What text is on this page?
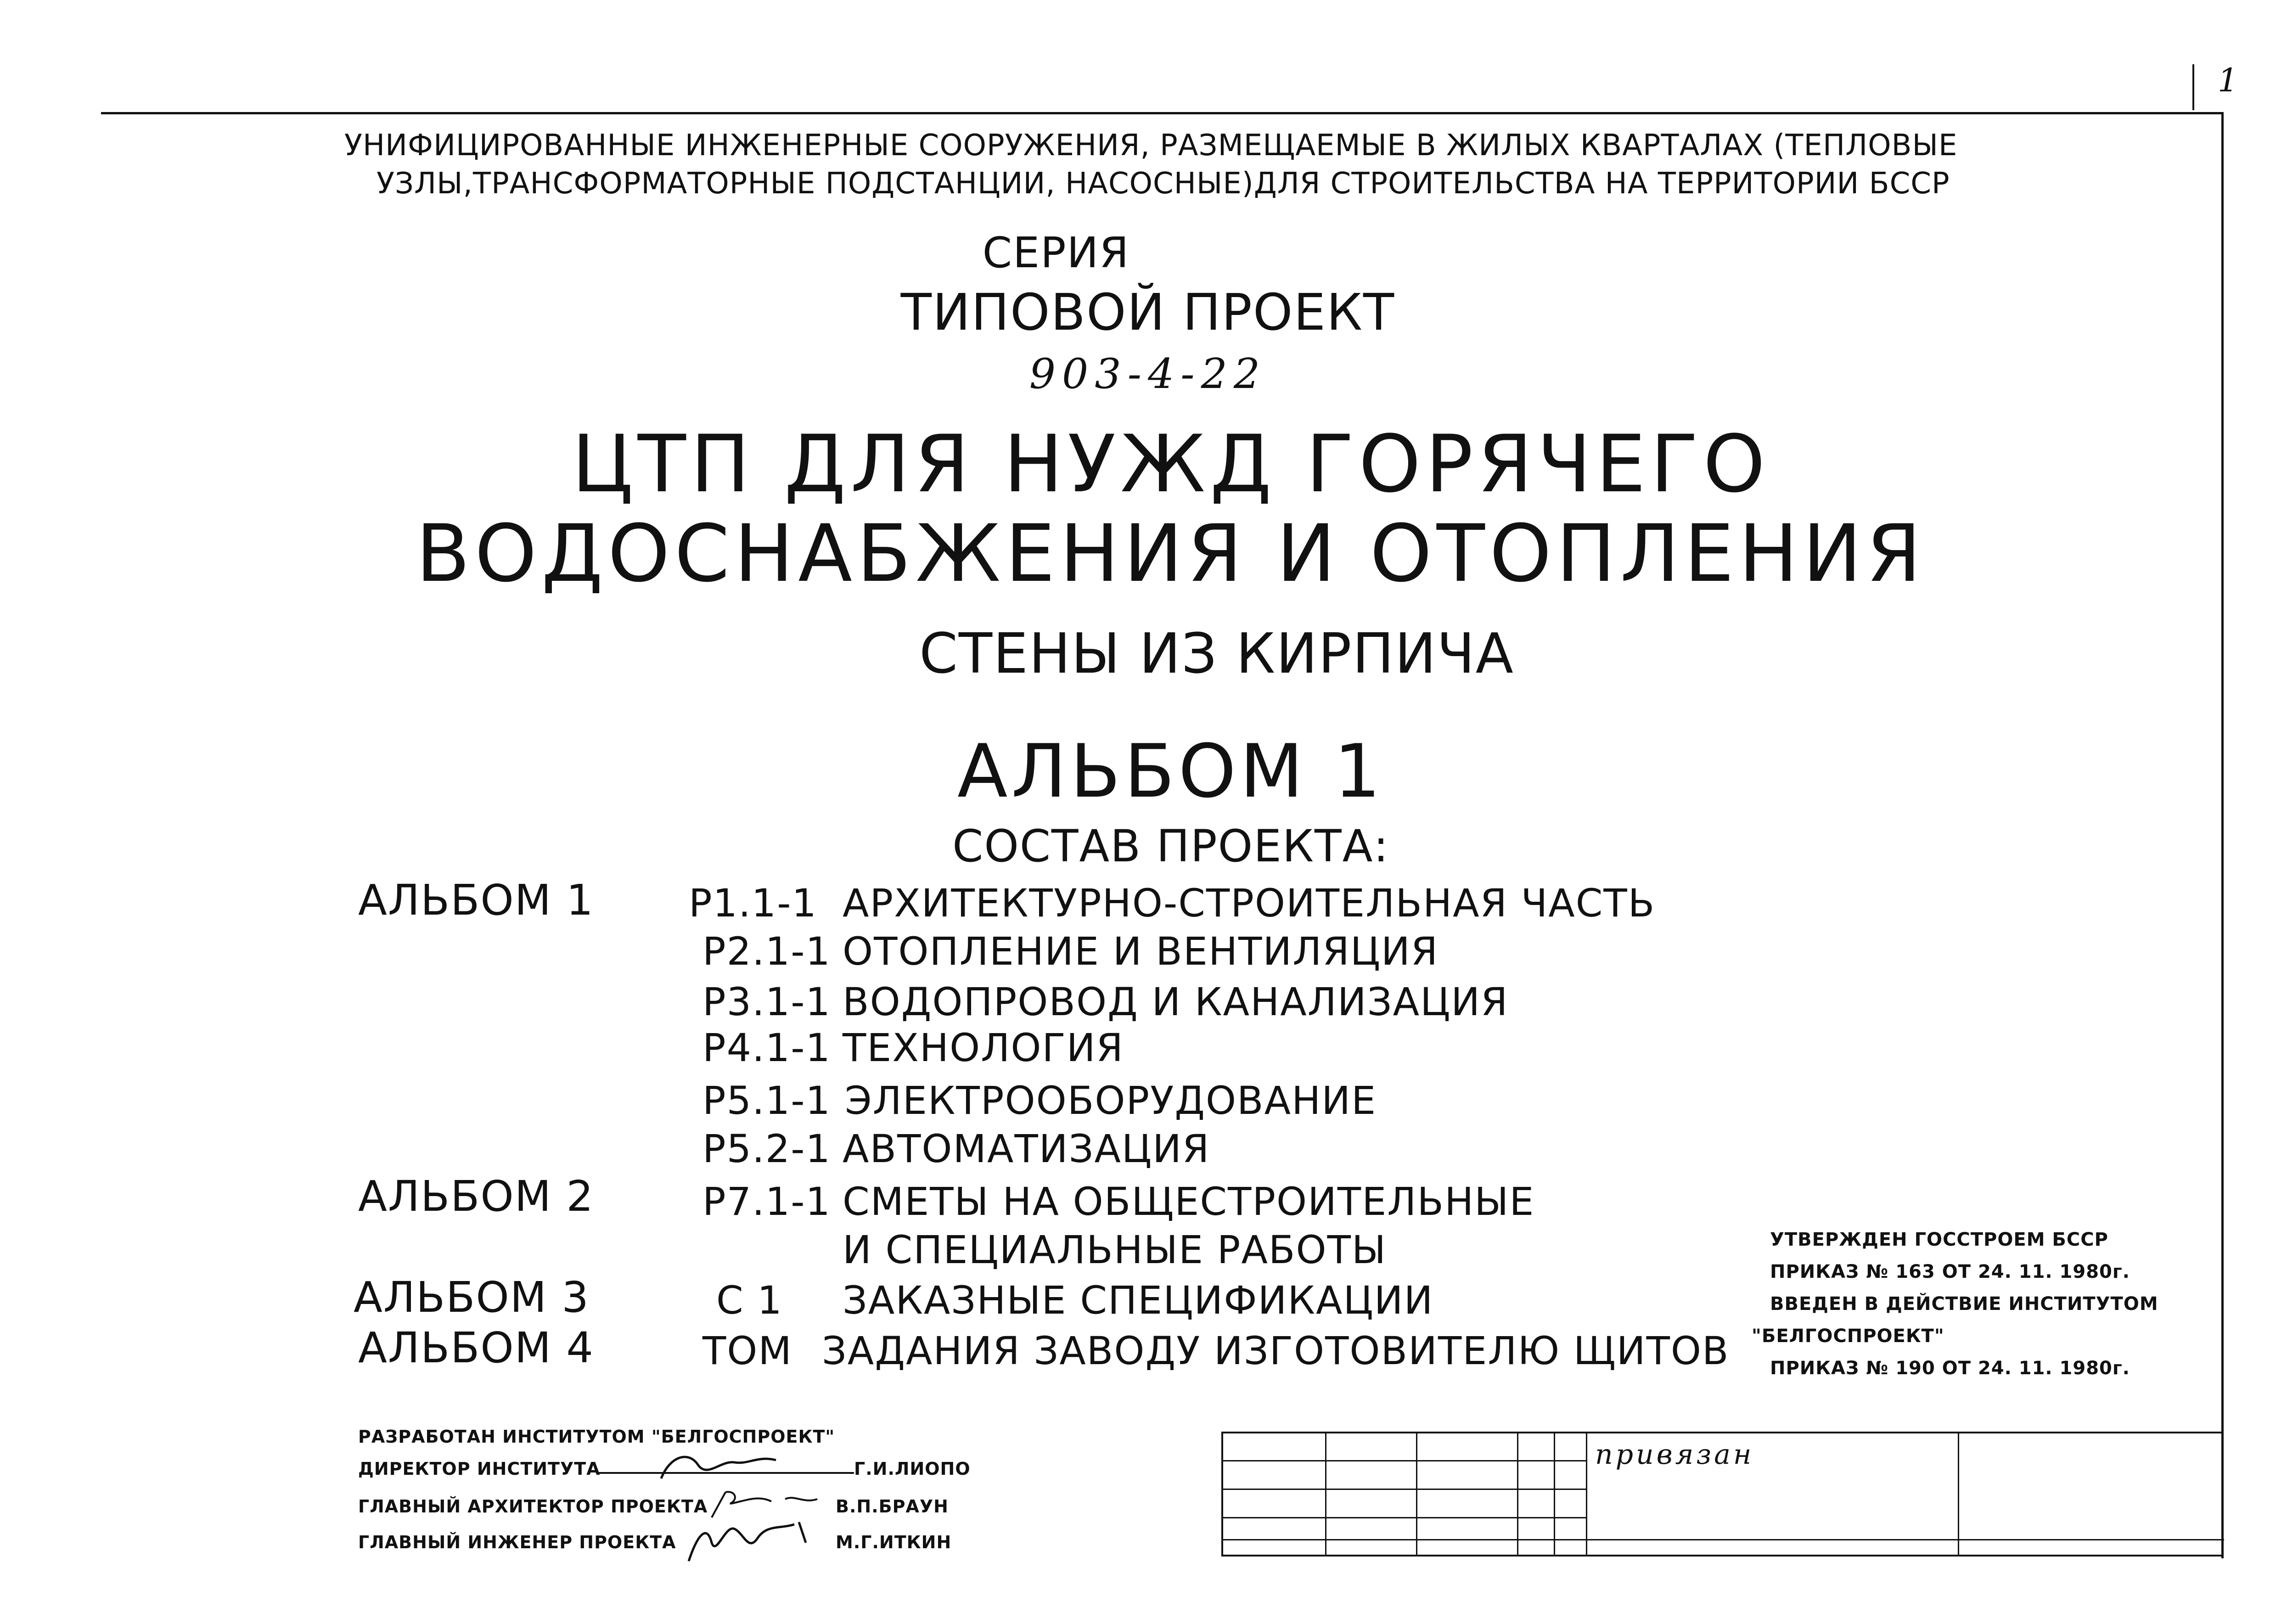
1
УНИФИЦИРОВАННЫЕ ИНЖЕНЕРНЫЕ СООРУЖЕНИЯ, РАЗМЕЩАЕМЫЕ В ЖИЛЫХ КВАРТАЛАХ (ТЕПЛОВЫЕ
УЗЛЫ,ТРАНСФОРМАТОРНЫЕ ПОДСТАНЦИИ, НАСОСНЫЕ)ДЛЯ СТРОИТЕЛЬСТВА НА ТЕРРИТОРИИ БССР
СЕРИЯ
ТИПОВОЙ ПРОЕКТ
903-4-22
ЦТП ДЛЯ НУЖД ГОРЯЧЕГО
ВОДОСНАБЖЕНИЯ И ОТОПЛЕНИЯ
СТЕНЫ ИЗ КИРПИЧА
АЛЬБОМ 1
СОСТАВ ПРОЕКТА:
АЛЬБОМ 1 Р1.1-1 АРХИТЕКТУРНО-СТРОИТЕЛЬНАЯ ЧАСТЬ
Р2.1-1 ОТОПЛЕНИЕ И ВЕНТИЛЯЦИЯ
Р3.1-1 ВОДОПРОВОД И КАНАЛИЗАЦИЯ
Р4.1-1 ТЕХНОЛОГИЯ
Р5.1-1 ЭЛЕКТРООБОРУДОВАНИЕ
Р5.2-1 АВТОМАТИЗАЦИЯ
АЛЬБОМ 2	Р7.1-1 СМЕТЫ НА ОБЩЕСТРОИТЕЛЬНЫЕ
И СПЕЦИАЛЬНЫЕ РАБОТЫ
АЛЬБОМ 3	С 1 ЗАКАЗНЫЕ СПЕЦИФИКАЦИИ
АЛЬБОМ 4	ТОМ ЗАДАНИЯ ЗАВОДУ ИЗГОТОВИТЕЛЮ ЩИТОВ
УТВЕРЖДЕН ГОССТРОЕМ БССР
ПРИКАЗ № 163 ОТ 24. 11. 1980г.
ВВЕДЕН В ДЕЙСТВИЕ ИНСТИТУТОМ
"БЕЛГОСПРОЕКТ"
ПРИКАЗ № 190 ОТ 24. 11. 1980г.
РАЗРАБОТАН ИНСТИТУТОМ "БЕЛГОСПРОЕКТ"
ДИРЕКТОР ИНСТИТУТА	Г.И.ЛИОПО
ГЛАВНЫЙ АРХИТЕКТОР ПРОЕКТА	В.П.БРАУН
ГЛАВНЫЙ ИНЖЕНЕР ПРОЕКТА	М.Г.ИТКИН
привязан
